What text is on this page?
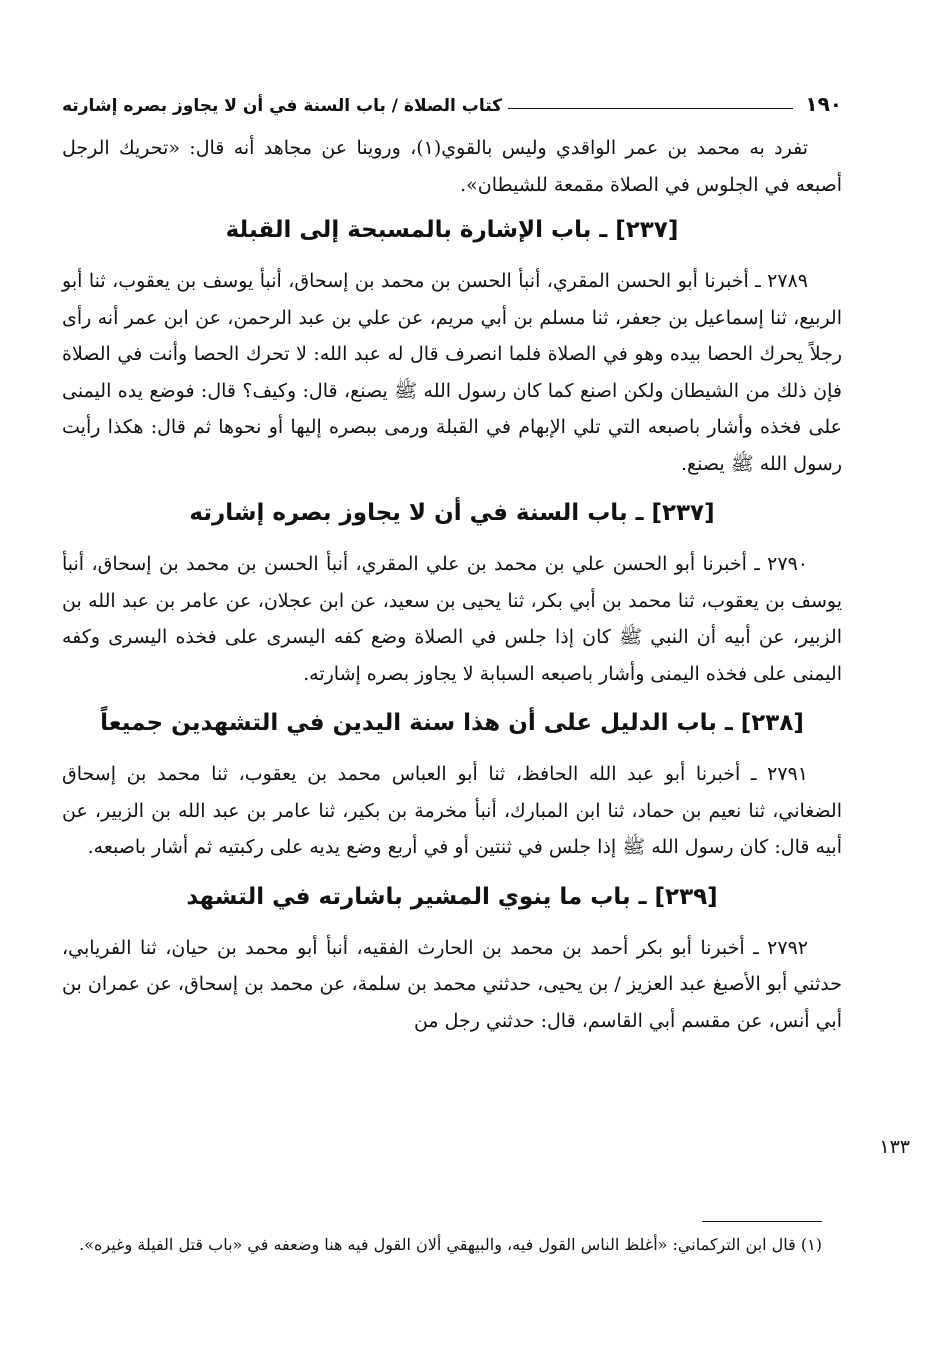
١٩٠
كتاب الصلاة / باب السنة في أن لا يجاوز بصره إشارته

تفرد به محمد بن عمر الواقدي وليس بالقوي(١)، وروينا عن مجاهد أنه قال: «تحريك الرجل أصبعه في الجلوس في الصلاة مقمعة للشيطان».

[٢٣٧] ـ باب الإشارة بالمسبحة إلى القبلة

٢٧٨٩ ـ أخبرنا أبو الحسن المقري، أنبأ الحسن بن محمد بن إسحاق، أنبأ يوسف بن يعقوب، ثنا أبو الربيع، ثنا إسماعيل بن جعفر، ثنا مسلم بن أبي مريم، عن علي بن عبد الرحمن، عن ابن عمر أنه رأى رجلاً يحرك الحصا بيده وهو في الصلاة فلما انصرف قال له عبد الله: لا تحرك الحصا وأنت في الصلاة فإن ذلك من الشيطان ولكن اصنع كما كان رسول الله ﷺ يصنع، قال: وكيف؟ قال: فوضع يده اليمنى على فخذه وأشار باصبعه التي تلي الإبهام في القبلة ورمى ببصره إليها أو نحوها ثم قال: هكذا رأيت رسول الله ﷺ يصنع.

[٢٣٧] ـ باب السنة في أن لا يجاوز بصره إشارته

٢٧٩٠ ـ أخبرنا أبو الحسن علي بن محمد بن علي المقري، أنبأ الحسن بن محمد بن إسحاق، أنبأ يوسف بن يعقوب، ثنا محمد بن أبي بكر، ثنا يحيى بن سعيد، عن ابن عجلان، عن عامر بن عبد الله بن الزبير، عن أبيه أن النبي ﷺ كان إذا جلس في الصلاة وضع كفه اليسرى على فخذه اليسرى وكفه اليمنى على فخذه اليمنى وأشار باصبعه السبابة لا يجاوز بصره إشارته.

[٢٣٨] ـ باب الدليل على أن هذا سنة اليدين في التشهدين جميعاً

٢٧٩١ ـ أخبرنا أبو عبد الله الحافظ، ثنا أبو العباس محمد بن يعقوب، ثنا محمد بن إسحاق الضغاني، ثنا نعيم بن حماد، ثنا ابن المبارك، أنبأ مخرمة بن بكير، ثنا عامر بن عبد الله بن الزبير، عن أبيه قال: كان رسول الله ﷺ إذا جلس في ثنتين أو في أربع وضع يديه على ركبتيه ثم أشار باصبعه.

[٢٣٩] ـ باب ما ينوي المشير باشارته في التشهد

٢٧٩٢ ـ أخبرنا أبو بكر أحمد بن محمد بن الحارث الفقيه، أنبأ أبو محمد بن حيان، ثنا الفريابي، حدثني أبو الأصبغ عبد العزيز / بن يحيى، حدثني محمد بن سلمة، عن محمد بن إسحاق، عن عمران بن أبي أنس، عن مقسم أبي القاسم، قال: حدثني رجل من

١٣٣

(١) قال ابن التركماني: «أغلظ الناس القول فيه، والبيهقي ألان القول فيه هنا وضعفه في «باب قتل الفيلة وغيره».
